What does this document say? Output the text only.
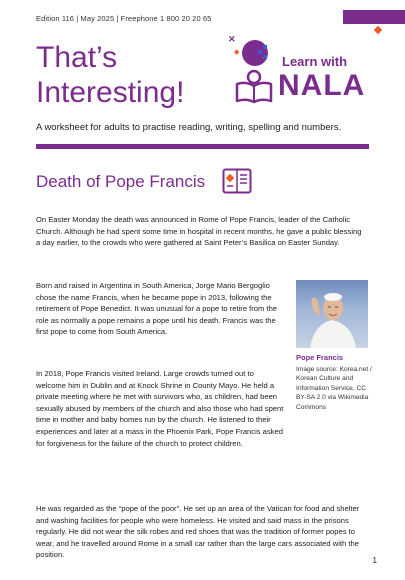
Edition 116 | May 2025 | Freephone 1 800 20 20 65
That’s
Interesting!
✕
◆
Learn with
NALA
A worksheet for adults to practise reading, writing, spelling and numbers.
Death of Pope Francis

On Easter Monday the death was announced in Rome of Pope Francis, leader of the Catholic Church. Although he had spent some time in hospital in recent months, he gave a public blessing a day earlier, to the crowds who were gathered at Saint Peter’s Basilica on Easter Sunday.

Born and raised in Argentina in South America, Jorge Mario Bergoglio chose the name Francis, when he became pope in 2013, following the retirement of Pope Benedict. It was unusual for a pope to retire from the role as normally a pope remains a pope until his death. Francis was the first pope to come from South America.

In 2018, Pope Francis visited Ireland. Large crowds turned out to welcome him in Dublin and at Knock Shrine in County Mayo. He held a private meeting where he met with survivors who, as children, had been sexually abused by members of the church and also those who had spent time in mother and baby homes run by the church. He listened to their experiences and later at a mass in the Phoenix Park, Pope Francis asked for forgiveness for the failure of the church to protect children.

He was regarded as the “pope of the poor”. He set up an area of the Vatican for food and shelter and washing facilities for people who were homeless. He visited and said mass in the prisons regularly. He did not wear the silk robes and red shoes that was the tradition of former popes to wear, and he travelled around Rome in a small car rather than the large cars associated with the position.

Pope Francis
Image source: Korea.net / Korean Culture and Information Service, CC BY-SA 2.0 via Wikimedia Commons
1
